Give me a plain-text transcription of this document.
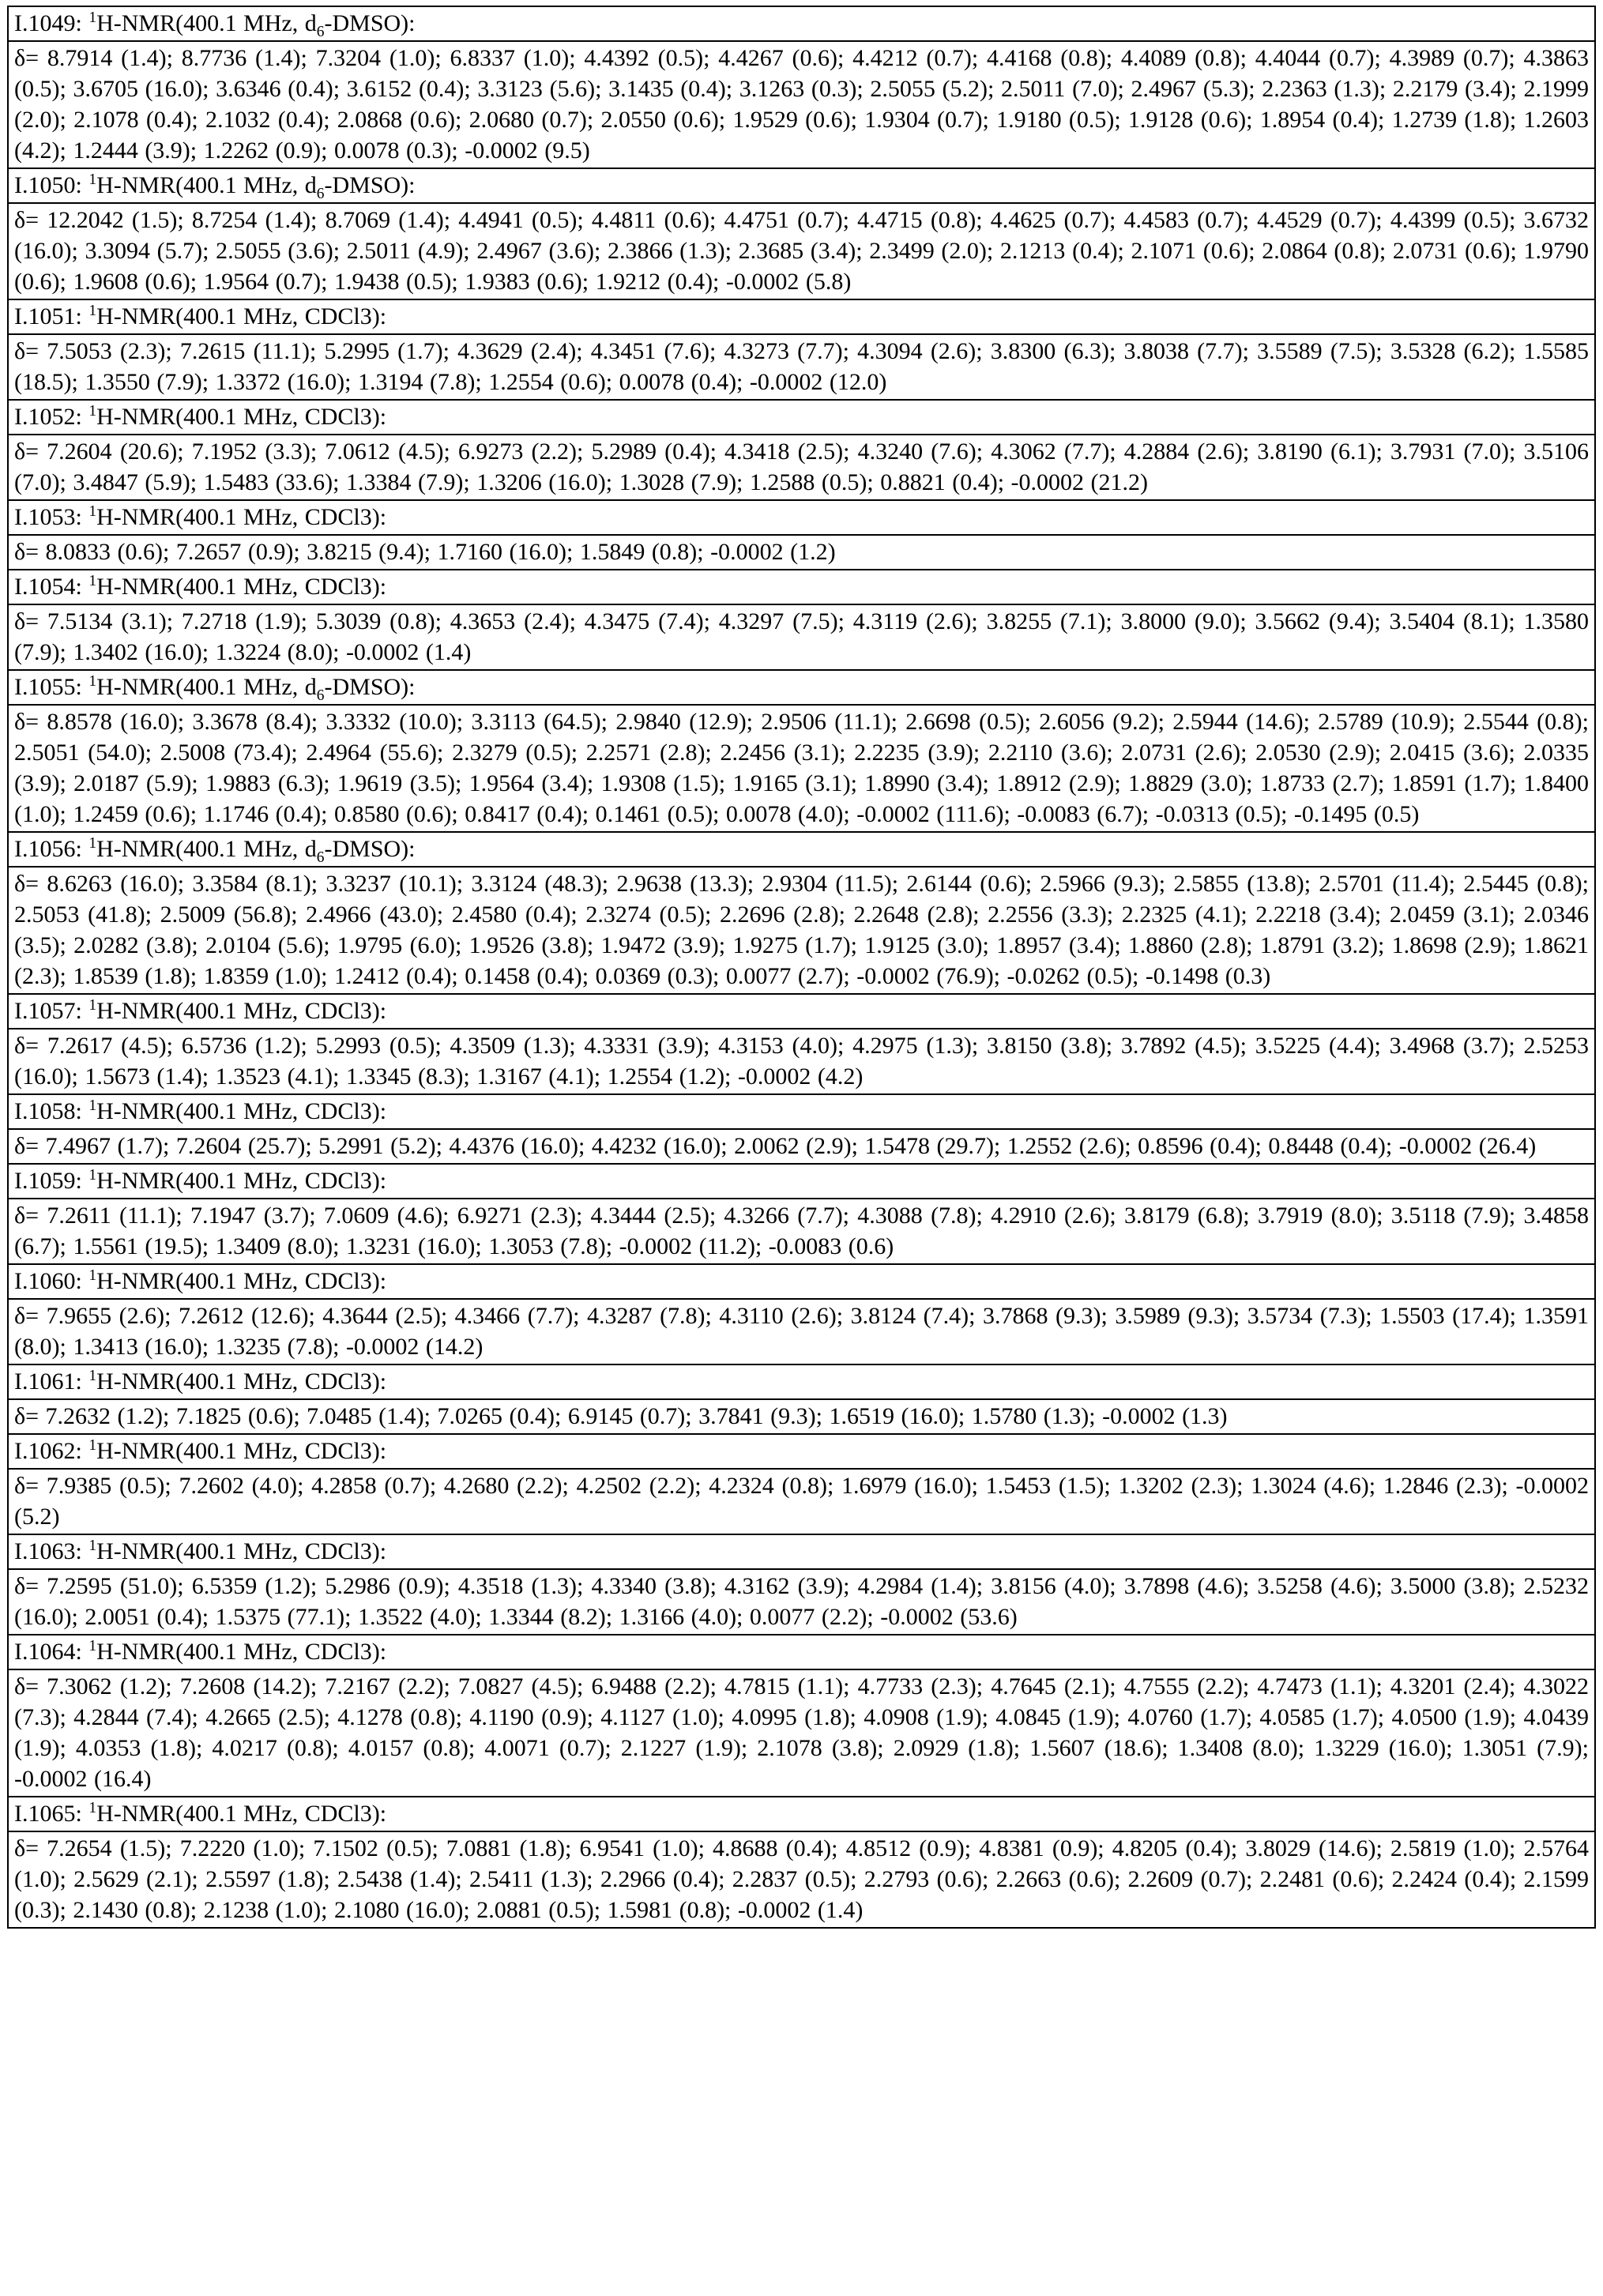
I.1049: $^1$H-NMR(400.1 MHz, $d_6-DMSO$):
δ= 8.7914 (1.4); 8.7736 (1.4); 7.3204 (1.0); 6.8337 (1.0); 4.4392 (0.5); 4.4267 (0.6); 4.4212 (0.7); 4.4168 (0.8); 4.4089 (0.8); 4.4044 (0.7); 4.3989 (0.7); 4.3863 (0.5); 3.6705 (16.0); 3.6346 (0.4); 3.6152 (0.4); 3.3123 (5.6); 3.1435 (0.4); 3.1263 (0.3); 2.5055 (5.2); 2.5011 (7.0); 2.4967 (5.3); 2.2363 (1.3); 2.2179 (3.4); 2.1999 (2.0); 2.1078 (0.4); 2.1032 (0.4); 2.0868 (0.6); 2.0680 (0.7); 2.0550 (0.6); 1.9529 (0.6); 1.9304 (0.7); 1.9180 (0.5); 1.9128 (0.6); 1.8954 (0.4); 1.2739 (1.8); 1.2603 (4.2); 1.2444 (3.9); 1.2262 (0.9); 0.0078 (0.3); -0.0002 (9.5)
I.1050: $^1$H-NMR(400.1 MHz, $d_6-DMSO$):
δ= 12.2042 (1.5); 8.7254 (1.4); 8.7069 (1.4); 4.4941 (0.5); 4.4811 (0.6); 4.4751 (0.7); 4.4715 (0.8); 4.4625 (0.7); 4.4583 (0.7); 4.4529 (0.7); 4.4399 (0.5); 3.6732 (16.0); 3.3094 (5.7); 2.5055 (3.6); 2.5011 (4.9); 2.4967 (3.6); 2.3866 (1.3); 2.3685 (3.4); 2.3499 (2.0); 2.1213 (0.4); 2.1071 (0.6); 2.0864 (0.8); 2.0731 (0.6); 1.9790 (0.6); 1.9608 (0.6); 1.9564 (0.7); 1.9438 (0.5); 1.9383 (0.6); 1.9212 (0.4); -0.0002 (5.8)
I.1051: $^1$H-NMR(400.1 MHz, CDCl3):
δ= 7.5053 (2.3); 7.2615 (11.1); 5.2995 (1.7); 4.3629 (2.4); 4.3451 (7.6); 4.3273 (7.7); 4.3094 (2.6); 3.8300 (6.3); 3.8038 (7.7); 3.5589 (7.5); 3.5328 (6.2); 1.5585 (18.5); 1.3550 (7.9); 1.3372 (16.0); 1.3194 (7.8); 1.2554 (0.6); 0.0078 (0.4); -0.0002 (12.0)
I.1052: $^1$H-NMR(400.1 MHz, CDCl3):
δ= 7.2604 (20.6); 7.1952 (3.3); 7.0612 (4.5); 6.9273 (2.2); 5.2989 (0.4); 4.3418 (2.5); 4.3240 (7.6); 4.3062 (7.7); 4.2884 (2.6); 3.8190 (6.1); 3.7931 (7.0); 3.5106 (7.0); 3.4847 (5.9); 1.5483 (33.6); 1.3384 (7.9); 1.3206 (16.0); 1.3028 (7.9); 1.2588 (0.5); 0.8821 (0.4); -0.0002 (21.2)
I.1053: $^1$H-NMR(400.1 MHz, CDCl3):
δ= 8.0833 (0.6); 7.2657 (0.9); 3.8215 (9.4); 1.7160 (16.0); 1.5849 (0.8); -0.0002 (1.2)
I.1054: $^1$H-NMR(400.1 MHz, CDCl3):
δ= 7.5134 (3.1); 7.2718 (1.9); 5.3039 (0.8); 4.3653 (2.4); 4.3475 (7.4); 4.3297 (7.5); 4.3119 (2.6); 3.8255 (7.1); 3.8000 (9.0); 3.5662 (9.4); 3.5404 (8.1); 1.3580 (7.9); 1.3402 (16.0); 1.3224 (8.0); -0.0002 (1.4)
I.1055: $^1$H-NMR(400.1 MHz, $d_6-DMSO$):
δ= 8.8578 (16.0); 3.3678 (8.4); 3.3332 (10.0); 3.3113 (64.5); 2.9840 (12.9); 2.9506 (11.1); 2.6698 (0.5); 2.6056 (9.2); 2.5944 (14.6); 2.5789 (10.9); 2.5544 (0.8); 2.5051 (54.0); 2.5008 (73.4); 2.4964 (55.6); 2.3279 (0.5); 2.2571 (2.8); 2.2456 (3.1); 2.2235 (3.9); 2.2110 (3.6); 2.0731 (2.6); 2.0530 (2.9); 2.0415 (3.6); 2.0335 (3.9); 2.0187 (5.9); 1.9883 (6.3); 1.9619 (3.5); 1.9564 (3.4); 1.9308 (1.5); 1.9165 (3.1); 1.8990 (3.4); 1.8912 (2.9); 1.8829 (3.0); 1.8733 (2.7); 1.8591 (1.7); 1.8400 (1.0); 1.2459 (0.6); 1.1746 (0.4); 0.8580 (0.6); 0.8417 (0.4); 0.1461 (0.5); 0.0078 (4.0); -0.0002 (111.6); -0.0083 (6.7); -0.0313 (0.5); -0.1495 (0.5)
I.1056: $^1$H-NMR(400.1 MHz, $d_6-DMSO$):
δ= 8.6263 (16.0); 3.3584 (8.1); 3.3237 (10.1); 3.3124 (48.3); 2.9638 (13.3); 2.9304 (11.5); 2.6144 (0.6); 2.5966 (9.3); 2.5855 (13.8); 2.5701 (11.4); 2.5445 (0.8); 2.5053 (41.8); 2.5009 (56.8); 2.4966 (43.0); 2.4580 (0.4); 2.3274 (0.5); 2.2696 (2.8); 2.2648 (2.8); 2.2556 (3.3); 2.2325 (4.1); 2.2218 (3.4); 2.0459 (3.1); 2.0346 (3.5); 2.0282 (3.8); 2.0104 (5.6); 1.9795 (6.0); 1.9526 (3.8); 1.9472 (3.9); 1.9275 (1.7); 1.9125 (3.0); 1.8957 (3.4); 1.8860 (2.8); 1.8791 (3.2); 1.8698 (2.9); 1.8621 (2.3); 1.8539 (1.8); 1.8359 (1.0); 1.2412 (0.4); 0.1458 (0.4); 0.0369 (0.3); 0.0077 (2.7); -0.0002 (76.9); -0.0262 (0.5); -0.1498 (0.3)
I.1057: $^1$H-NMR(400.1 MHz, CDCl3):
δ= 7.2617 (4.5); 6.5736 (1.2); 5.2993 (0.5); 4.3509 (1.3); 4.3331 (3.9); 4.3153 (4.0); 4.2975 (1.3); 3.8150 (3.8); 3.7892 (4.5); 3.5225 (4.4); 3.4968 (3.7); 2.5253 (16.0); 1.5673 (1.4); 1.3523 (4.1); 1.3345 (8.3); 1.3167 (4.1); 1.2554 (1.2); -0.0002 (4.2)
I.1058: $^1$H-NMR(400.1 MHz, CDCl3):
δ= 7.4967 (1.7); 7.2604 (25.7); 5.2991 (5.2); 4.4376 (16.0); 4.4232 (16.0); 2.0062 (2.9); 1.5478 (29.7); 1.2552 (2.6); 0.8596 (0.4); 0.8448 (0.4); -0.0002 (26.4)
I.1059: $^1$H-NMR(400.1 MHz, CDCl3):
δ= 7.2611 (11.1); 7.1947 (3.7); 7.0609 (4.6); 6.9271 (2.3); 4.3444 (2.5); 4.3266 (7.7); 4.3088 (7.8); 4.2910 (2.6); 3.8179 (6.8); 3.7919 (8.0); 3.5118 (7.9); 3.4858 (6.7); 1.5561 (19.5); 1.3409 (8.0); 1.3231 (16.0); 1.3053 (7.8); -0.0002 (11.2); -0.0083 (0.6)
I.1060: $^1$H-NMR(400.1 MHz, CDCl3):
δ= 7.9655 (2.6); 7.2612 (12.6); 4.3644 (2.5); 4.3466 (7.7); 4.3287 (7.8); 4.3110 (2.6); 3.8124 (7.4); 3.7868 (9.3); 3.5989 (9.3); 3.5734 (7.3); 1.5503 (17.4); 1.3591 (8.0); 1.3413 (16.0); 1.3235 (7.8); -0.0002 (14.2)
I.1061: $^1$H-NMR(400.1 MHz, CDCl3):
δ= 7.2632 (1.2); 7.1825 (0.6); 7.0485 (1.4); 7.0265 (0.4); 6.9145 (0.7); 3.7841 (9.3); 1.6519 (16.0); 1.5780 (1.3); -0.0002 (1.3)
I.1062: $^1$H-NMR(400.1 MHz, CDCl3):
δ= 7.9385 (0.5); 7.2602 (4.0); 4.2858 (0.7); 4.2680 (2.2); 4.2502 (2.2); 4.2324 (0.8); 1.6979 (16.0); 1.5453 (1.5); 1.3202 (2.3); 1.3024 (4.6); 1.2846 (2.3); -0.0002 (5.2)
I.1063: $^1$H-NMR(400.1 MHz, CDCl3):
δ= 7.2595 (51.0); 6.5359 (1.2); 5.2986 (0.9); 4.3518 (1.3); 4.3340 (3.8); 4.3162 (3.9); 4.2984 (1.4); 3.8156 (4.0); 3.7898 (4.6); 3.5258 (4.6); 3.5000 (3.8); 2.5232 (16.0); 2.0051 (0.4); 1.5375 (77.1); 1.3522 (4.0); 1.3344 (8.2); 1.3166 (4.0); 0.0077 (2.2); -0.0002 (53.6)
I.1064: $^1$H-NMR(400.1 MHz, CDCl3):
δ= 7.3062 (1.2); 7.2608 (14.2); 7.2167 (2.2); 7.0827 (4.5); 6.9488 (2.2); 4.7815 (1.1); 4.7733 (2.3); 4.7645 (2.1); 4.7555 (2.2); 4.7473 (1.1); 4.3201 (2.4); 4.3022 (7.3); 4.2844 (7.4); 4.2665 (2.5); 4.1278 (0.8); 4.1190 (0.9); 4.1127 (1.0); 4.0995 (1.8); 4.0908 (1.9); 4.0845 (1.9); 4.0760 (1.7); 4.0585 (1.7); 4.0500 (1.9); 4.0439 (1.9); 4.0353 (1.8); 4.0217 (0.8); 4.0157 (0.8); 4.0071 (0.7); 2.1227 (1.9); 2.1078 (3.8); 2.0929 (1.8); 1.5607 (18.6); 1.3408 (8.0); 1.3229 (16.0); 1.3051 (7.9); -0.0002 (16.4)
I.1065: $^1$H-NMR(400.1 MHz, CDCl3):
δ= 7.2654 (1.5); 7.2220 (1.0); 7.1502 (0.5); 7.0881 (1.8); 6.9541 (1.0); 4.8688 (0.4); 4.8512 (0.9); 4.8381 (0.9); 4.8205 (0.4); 3.8029 (14.6); 2.5819 (1.0); 2.5764 (1.0); 2.5629 (2.1); 2.5597 (1.8); 2.5438 (1.4); 2.5411 (1.3); 2.2966 (0.4); 2.2837 (0.5); 2.2793 (0.6); 2.2663 (0.6); 2.2609 (0.7); 2.2481 (0.6); 2.2424 (0.4); 2.1599 (0.3); 2.1430 (0.8); 2.1238 (1.0); 2.1080 (16.0); 2.0881 (0.5); 1.5981 (0.8); -0.0002 (1.4)
